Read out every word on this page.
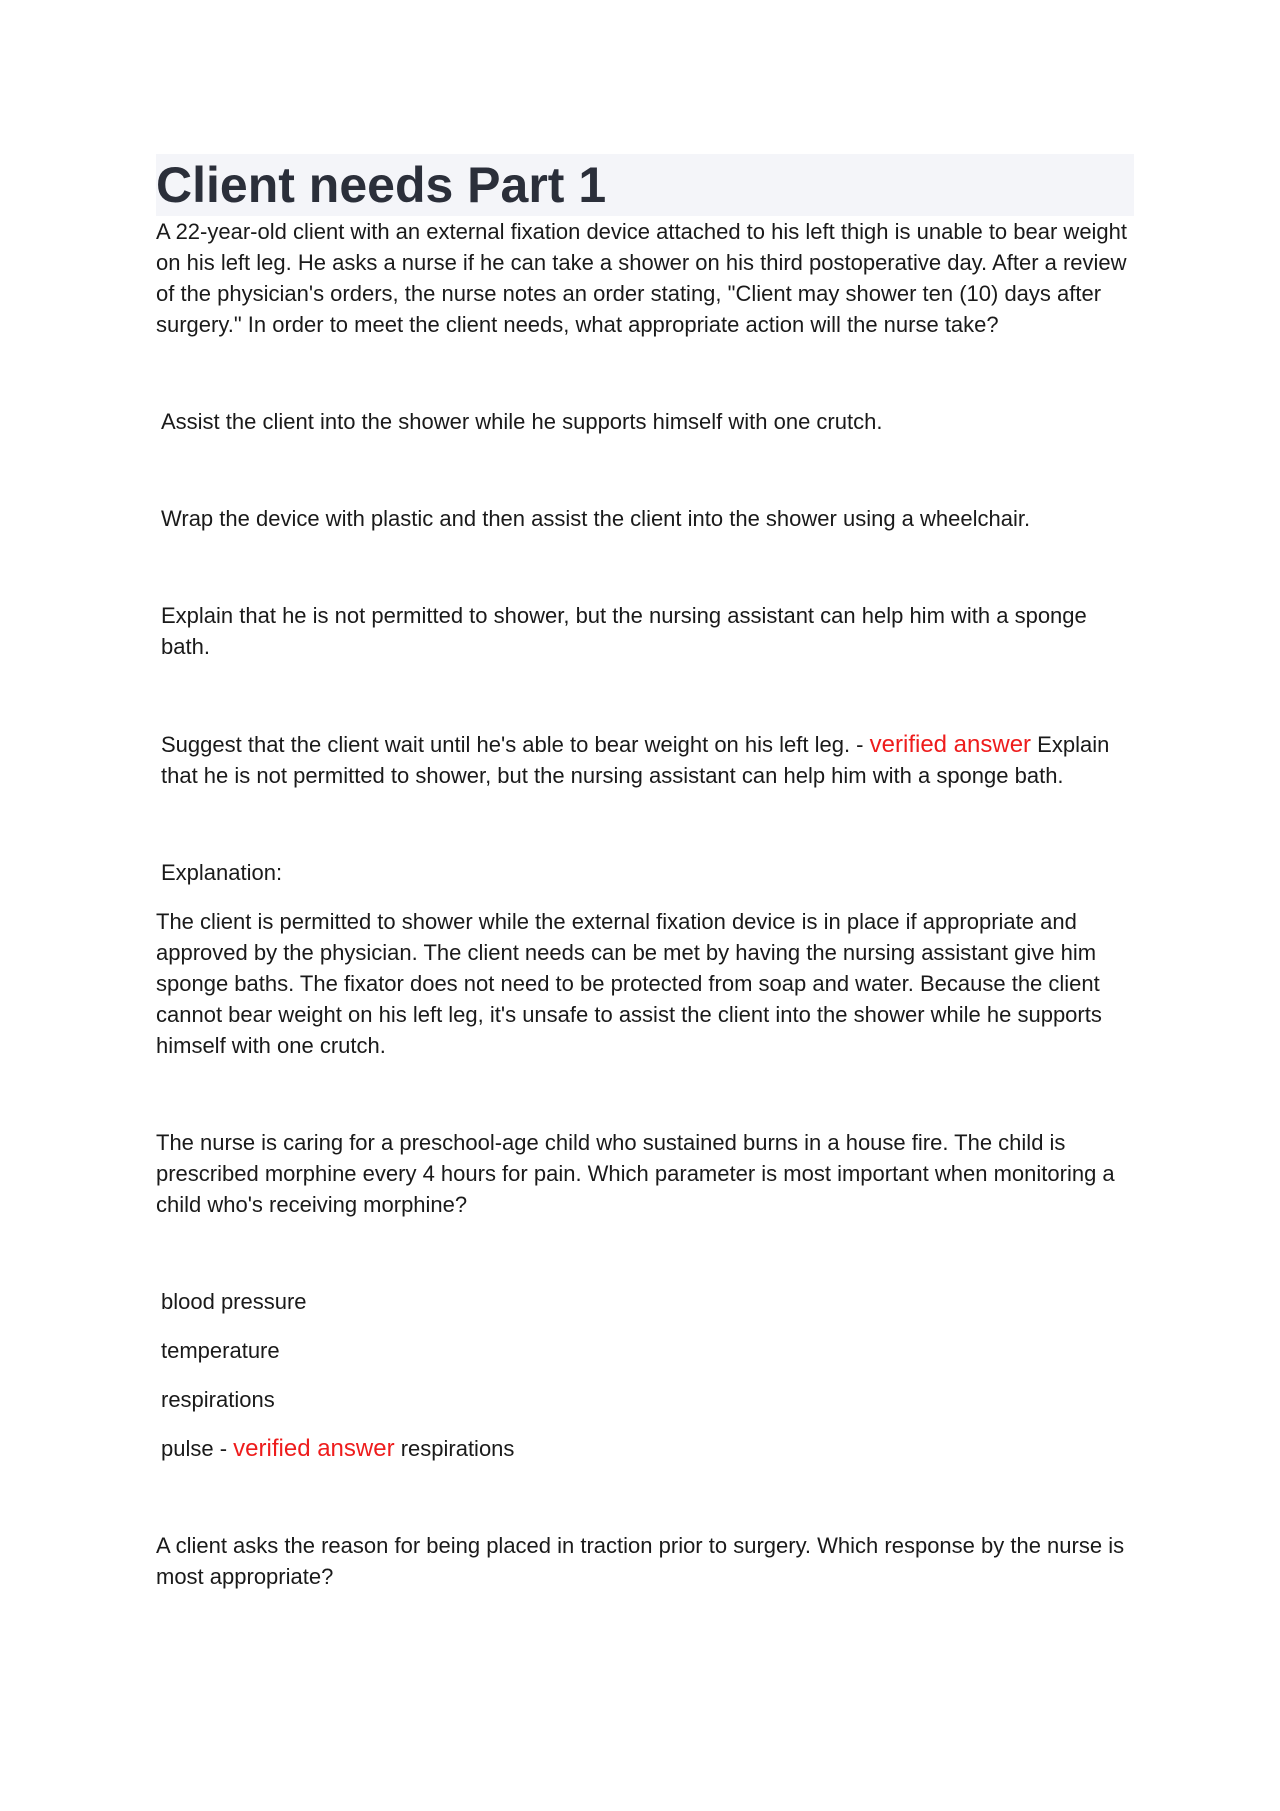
Client needs Part 1

A 22-year-old client with an external fixation device attached to his left thigh is unable to bear weight on his left leg. He asks a nurse if he can take a shower on his third postoperative day. After a review of the physician's orders, the nurse notes an order stating, "Client may shower ten (10) days after surgery." In order to meet the client needs, what appropriate action will the nurse take?

Assist the client into the shower while he supports himself with one crutch.

Wrap the device with plastic and then assist the client into the shower using a wheelchair.

Explain that he is not permitted to shower, but the nursing assistant can help him with a sponge bath.

Suggest that the client wait until he's able to bear weight on his left leg. - verified answer Explain that he is not permitted to shower, but the nursing assistant can help him with a sponge bath.

Explanation:

The client is permitted to shower while the external fixation device is in place if appropriate and approved by the physician. The client needs can be met by having the nursing assistant give him sponge baths. The fixator does not need to be protected from soap and water. Because the client cannot bear weight on his left leg, it's unsafe to assist the client into the shower while he supports himself with one crutch.

The nurse is caring for a preschool-age child who sustained burns in a house fire. The child is prescribed morphine every 4 hours for pain. Which parameter is most important when monitoring a child who's receiving morphine?

blood pressure

temperature

respirations

pulse - verified answer respirations

A client asks the reason for being placed in traction prior to surgery. Which response by the nurse is most appropriate?
